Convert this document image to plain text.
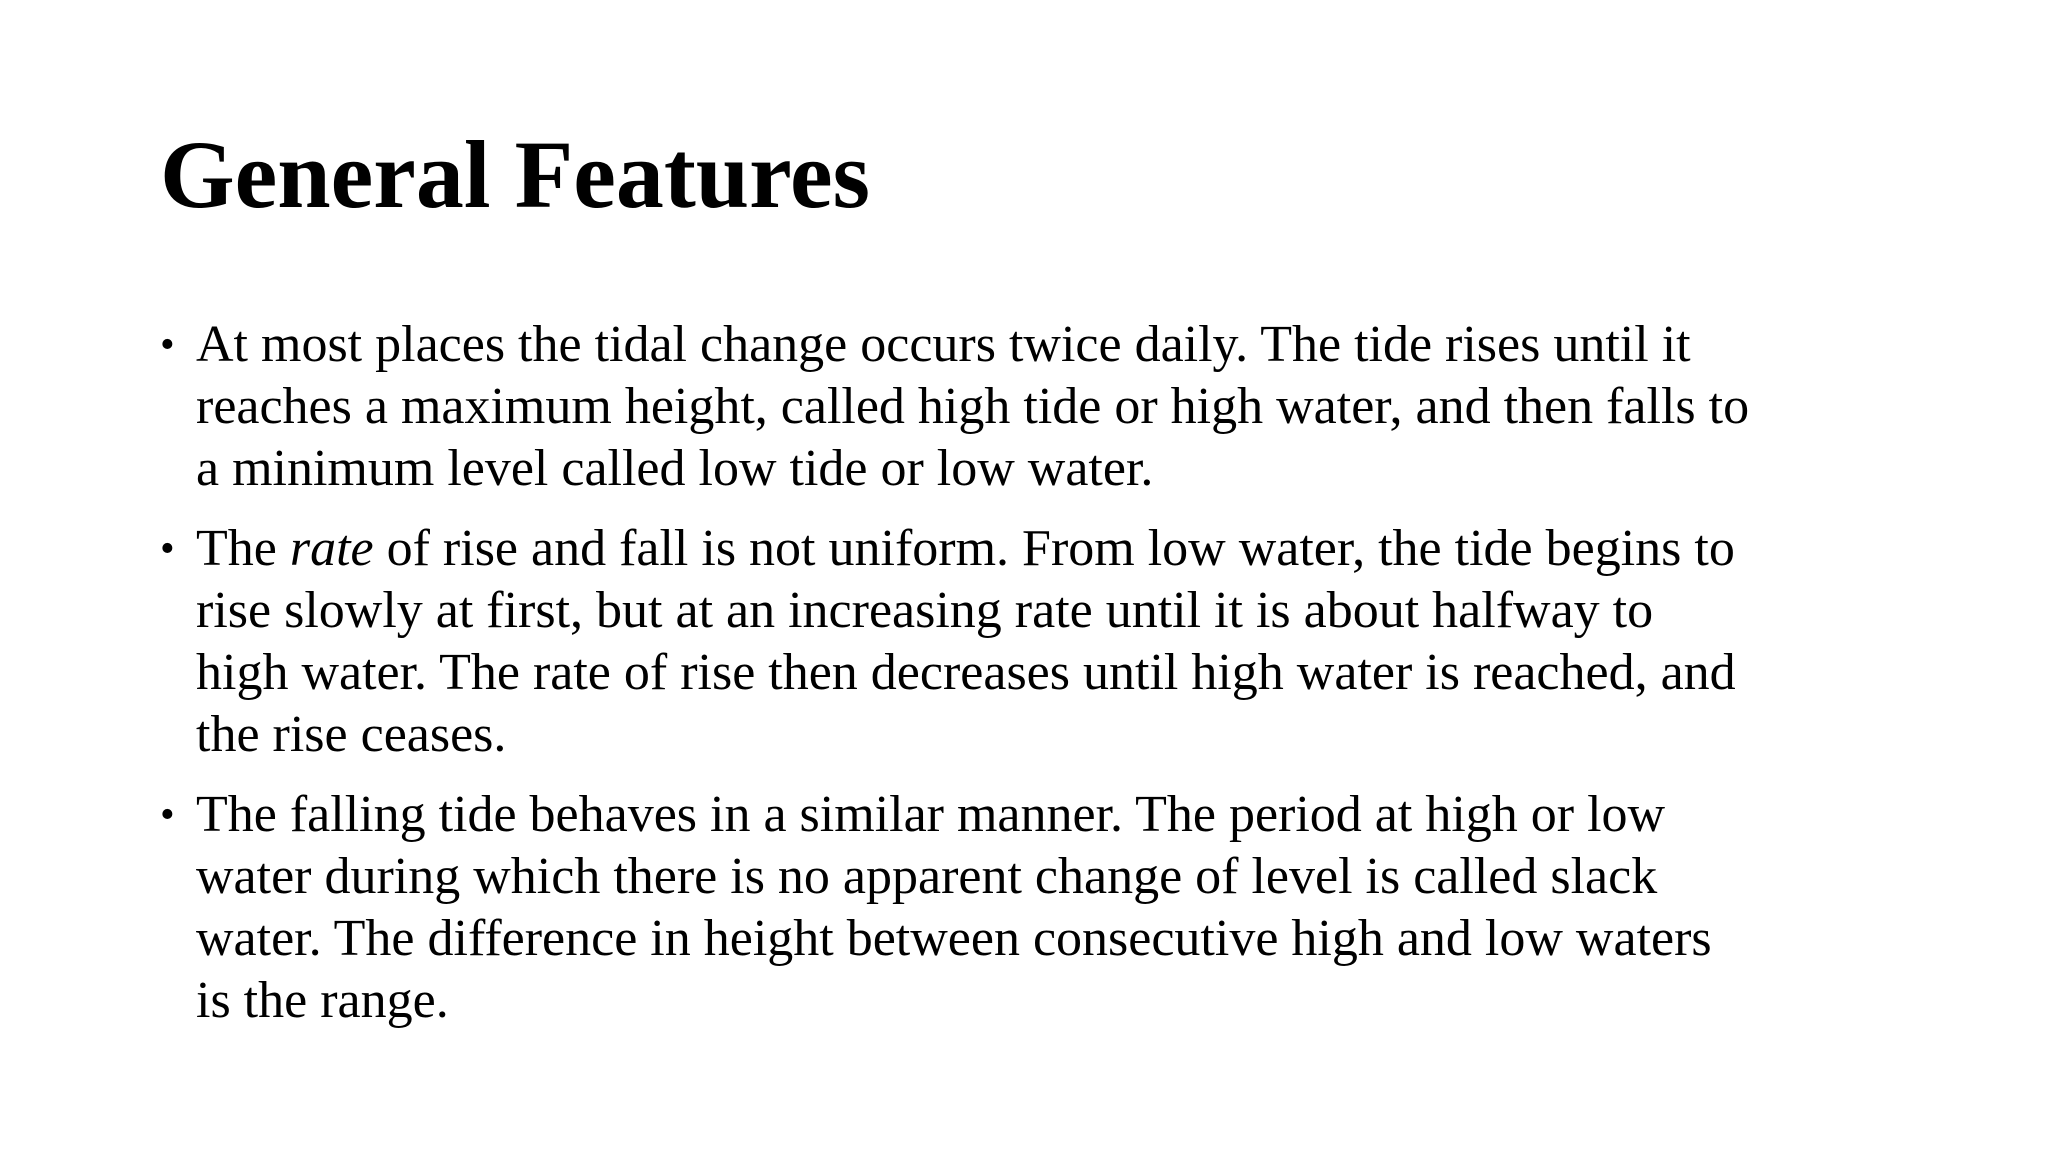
General Features
• At most places the tidal change occurs twice daily. The tide rises until it
reaches a maximum height, called high tide or high water, and then falls to
a minimum level called low tide or low water.
• The rate of rise and fall is not uniform. From low water, the tide begins to
rise slowly at first, but at an increasing rate until it is about halfway to
high water. The rate of rise then decreases until high water is reached, and
the rise ceases.
• The falling tide behaves in a similar manner. The period at high or low
water during which there is no apparent change of level is called slack
water. The difference in height between consecutive high and low waters
is the range.
